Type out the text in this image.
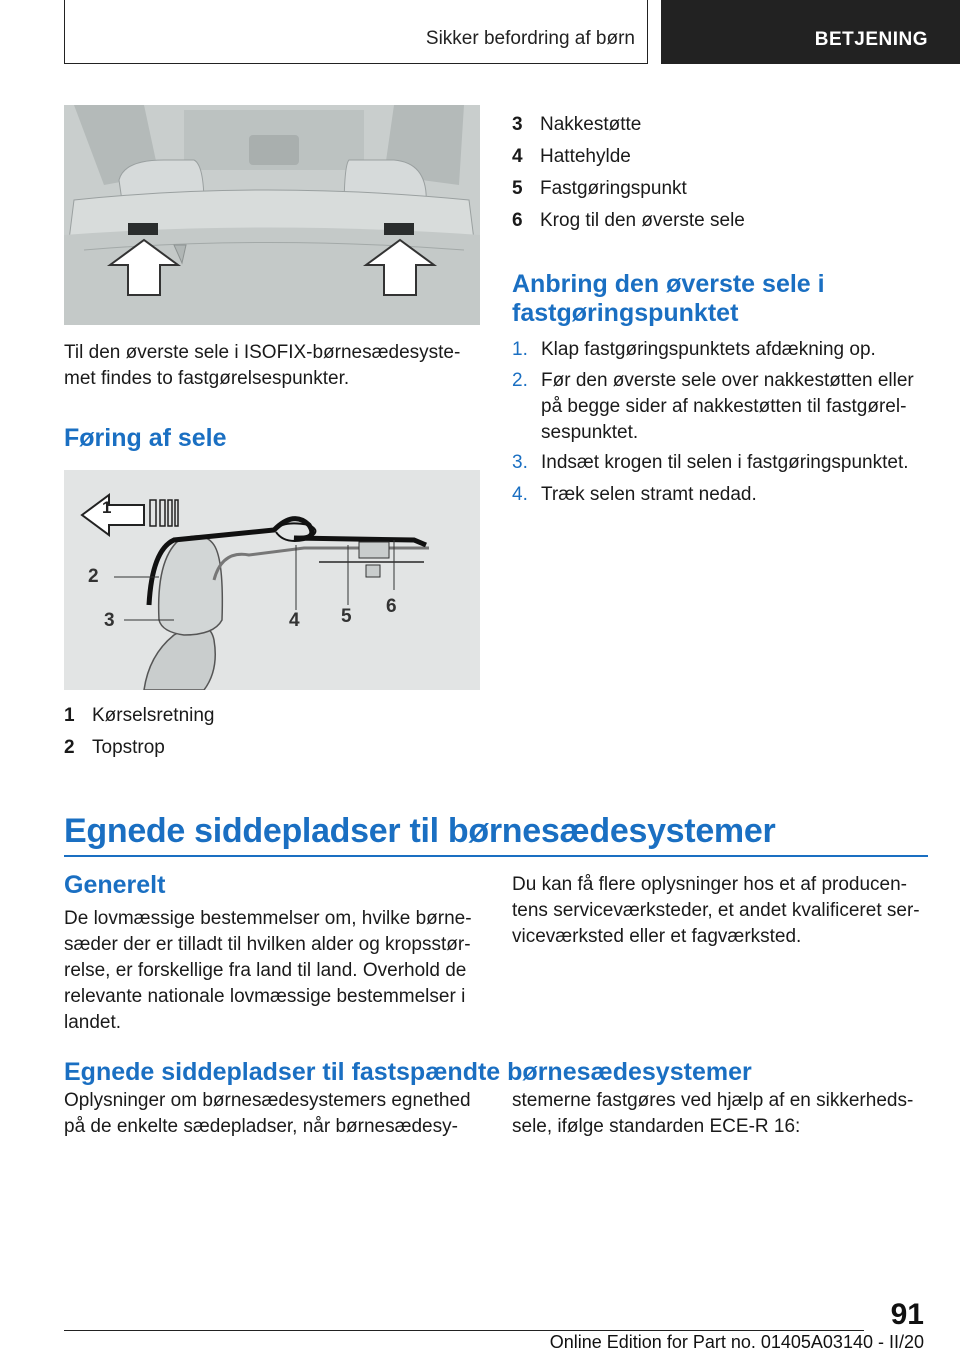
Sikker befordring af børn	BETJENING
Til den øverste sele i ISOFIX-børnesædesyste-met findes to fastgørelsespunkter.
Føring af sele
1
2
3	4 5 6
1 Kørselsretning
2 Topstrop
3 Nakkestøtte
4 Hattehylde
5 Fastgøringspunkt
6 Krog til den øverste sele
Anbring den øverste sele i
fastgøringspunktet
1. Klap fastgøringspunktets afdækning op.
2. Før den øverste sele over nakkestøtten eller på begge sider af nakkestøtten til fastgørel-sespunktet.
3. Indsæt krogen til selen i fastgøringspunktet.
4. Træk selen stramt nedad.
Egnede siddepladser til børnesædesystemer
Generelt
De lovmæssige bestemmelser om, hvilke børne-sæder der er tilladt til hvilken alder og kropsstør-relse, er forskellige fra land til land. Overhold de relevante nationale lovmæssige bestemmelser i landet.
Du kan få flere oplysninger hos et af producen-tens serviceværksteder, et andet kvalificeret ser-viceværksted eller et fagværksted.
Egnede siddepladser til fastspændte børnesædesystemer
Oplysninger om børnesædesystemers egnethed på de enkelte sædepladser, når børnesædesy-
stemerne fastgøres ved hjælp af en sikkerheds-sele, ifølge standarden ECE-R 16:
91
Online Edition for Part no. 01405A03140 - II/20
